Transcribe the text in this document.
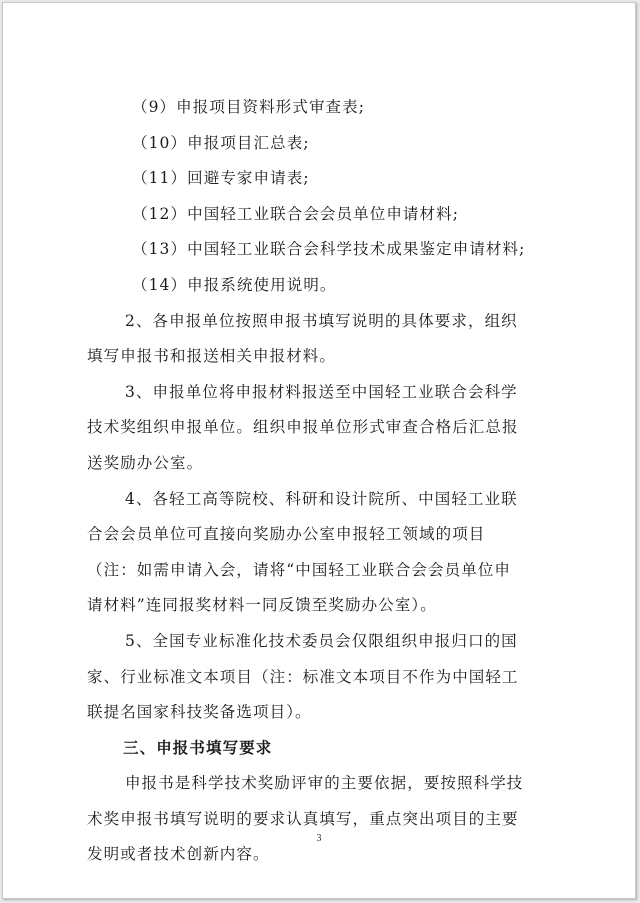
（9）申报项目资料形式审查表;
（10）申报项目汇总表;
（11）回避专家申请表;
（12）中国轻工业联合会会员单位申请材料;
（13）中国轻工业联合会科学技术成果鉴定申请材料;
（14）申报系统使用说明。
2、各申报单位按照申报书填写说明的具体要求，组织
填写申报书和报送相关申报材料。
3、申报单位将申报材料报送至中国轻工业联合会科学
技术奖组织申报单位。组织申报单位形式审查合格后汇总报
送奖励办公室。
4、各轻工高等院校、科研和设计院所、中国轻工业联
合会会员单位可直接向奖励办公室申报轻工领域的项目
（注：如需申请入会，请将“中国轻工业联合会会员单位申
请材料”连同报奖材料一同反馈至奖励办公室）。
5、全国专业标准化技术委员会仅限组织申报归口的国
家、行业标准文本项目（注：标准文本项目不作为中国轻工
联提名国家科技奖备选项目）。
三、申报书填写要求
申报书是科学技术奖励评审的主要依据，要按照科学技
术奖申报书填写说明的要求认真填写，重点突出项目的主要
发明或者技术创新内容。
3
